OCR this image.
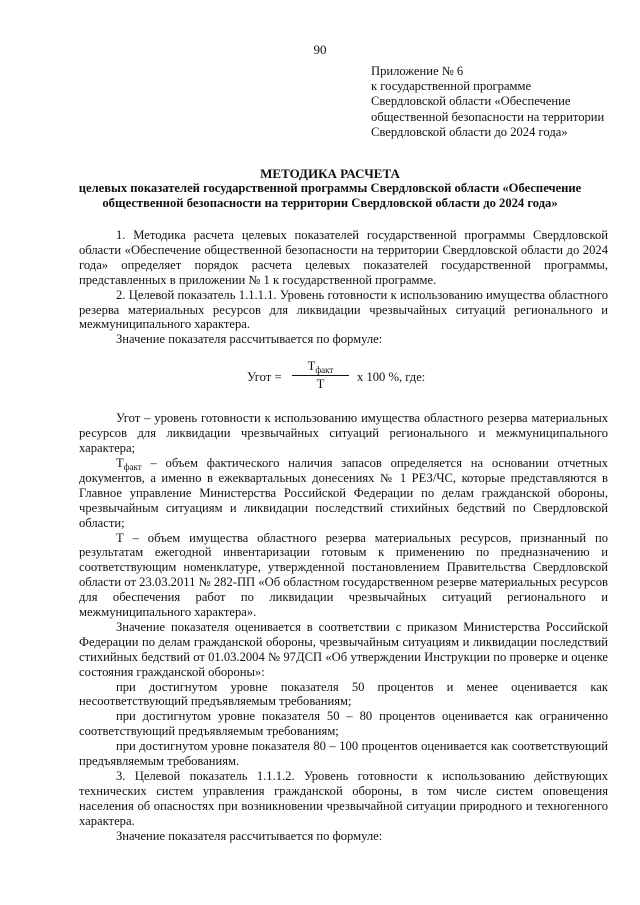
90
Приложение № 6
к государственной программе
Свердловской области «Обеспечение
общественной безопасности на территории
Свердловской области до 2024 года»
МЕТОДИКА РАСЧЕТА
целевых показателей государственной программы Свердловской области «Обеспечение
общественной безопасности на территории Свердловской области до 2024 года»

1. Методика расчета целевых показателей государственной программы Свердловской области «Обеспечение общественной безопасности на территории Свердловской области до 2024 года» определяет порядок расчета целевых показателей государственной программы, представленных в приложении № 1 к государственной программе.

2. Целевой показатель 1.1.1.1. Уровень готовности к использованию имущества областного резерва материальных ресурсов для ликвидации чрезвычайных ситуаций регионального и межмуниципального характера.

Значение показателя рассчитывается по формуле:

Угот =
$Т_{факт}$
Т	х 100 %, где:

Угот – уровень готовности к использованию имущества областного резерва материальных ресурсов для ликвидации чрезвычайных ситуаций регионального и межмуниципального характера;

$Т_{факт}$ – объем фактического наличия запасов определяется на основании отчетных документов, а именно в ежеквартальных донесениях № 1 РЕЗ/ЧС, которые представляются в Главное управление Министерства Российской Федерации по делам гражданской обороны, чрезвычайным ситуациям и ликвидации последствий стихийных бедствий по Свердловской области;

Т – объем имущества областного резерва материальных ресурсов, признанный по результатам ежегодной инвентаризации готовым к применению по предназначению и соответствующим номенклатуре, утвержденной постановлением Правительства Свердловской области от 23.03.2011 № 282-ПП «Об областном государственном резерве материальных ресурсов для обеспечения работ по ликвидации чрезвычайных ситуаций регионального и межмуниципального характера».

Значение показателя оценивается в соответствии с приказом Министерства Российской Федерации по делам гражданской обороны, чрезвычайным ситуациям и ликвидации последствий стихийных бедствий от 01.03.2004 № 97ДСП «Об утверждении Инструкции по проверке и оценке состояния гражданской обороны»:

при достигнутом уровне показателя 50 процентов и менее оценивается как несоответствующий предъявляемым требованиям;

при достигнутом уровне показателя 50 – 80 процентов оценивается как ограниченно соответствующий предъявляемым требованиям;

при достигнутом уровне показателя 80 – 100 процентов оценивается как соответствующий предъявляемым требованиям.

3. Целевой показатель 1.1.1.2. Уровень готовности к использованию действующих технических систем управления гражданской обороны, в том числе систем оповещения населения об опасностях при возникновении чрезвычайной ситуации природного и техногенного характера.

Значение показателя рассчитывается по формуле:
